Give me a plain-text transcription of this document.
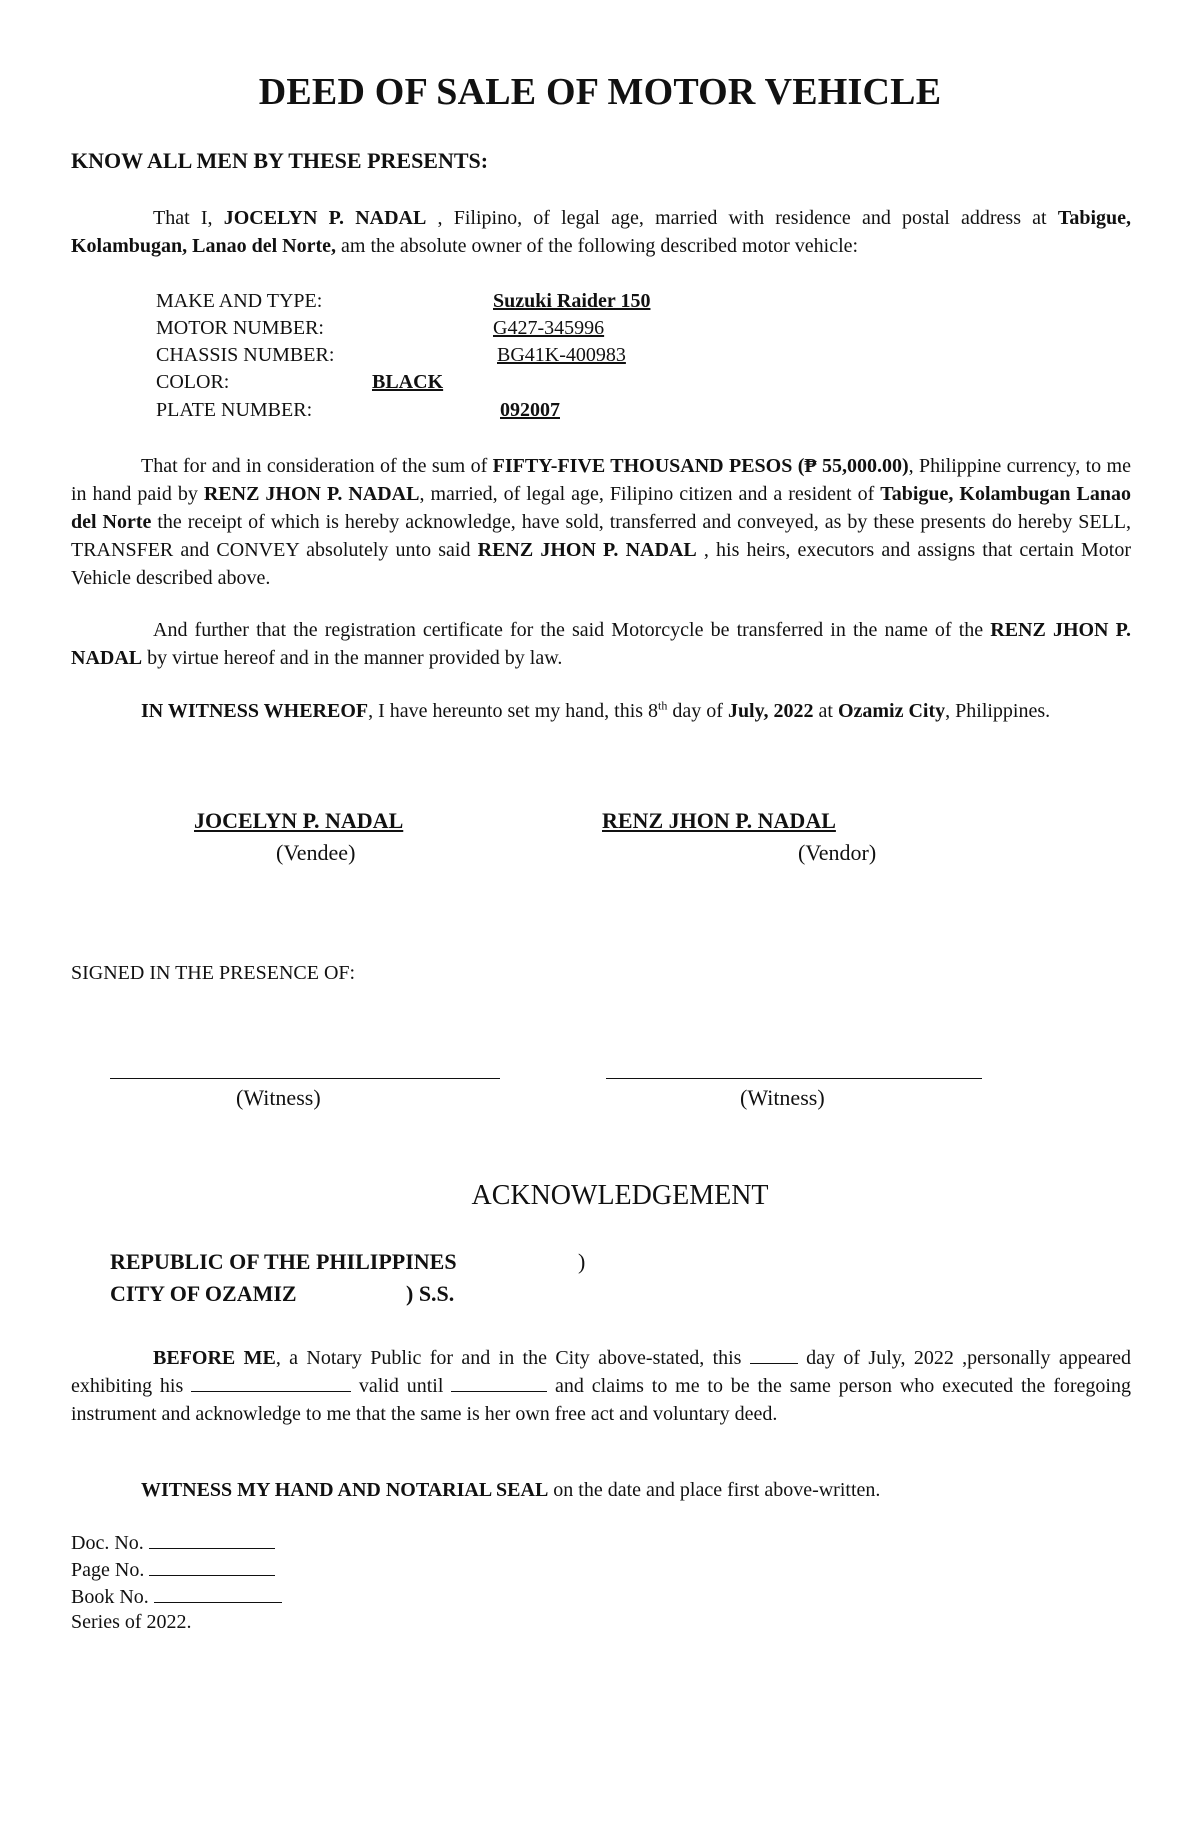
DEED OF SALE OF MOTOR VEHICLE
KNOW ALL MEN BY THESE PRESENTS:
That I, JOCELYN P. NADAL , Filipino, of legal age, married with residence and postal address at Tabigue, Kolambugan, Lanao del Norte, am the absolute owner of the following described motor vehicle:
MAKE AND TYPE:	Suzuki Raider 150
MOTOR NUMBER:	G427-345996
CHASSIS NUMBER:	BG41K-400983
COLOR:	BLACK
PLATE NUMBER:	092007
That for and in consideration of the sum of FIFTY-FIVE THOUSAND PESOS (₱ 55,000.00), Philippine currency, to me in hand paid by RENZ JHON P. NADAL, married, of legal age, Filipino citizen and a resident of Tabigue, Kolambugan Lanao del Norte the receipt of which is hereby acknowledge, have sold, transferred and conveyed, as by these presents do hereby SELL, TRANSFER and CONVEY absolutely unto said RENZ JHON P. NADAL , his heirs, executors and assigns that certain Motor Vehicle described above.
And further that the registration certificate for the said Motorcycle be transferred in the name of the RENZ JHON P. NADAL by virtue hereof and in the manner provided by law.
IN WITNESS WHEREOF, I have hereunto set my hand, this 8th day of July, 2022 at Ozamiz City, Philippines.
JOCELYN P. NADAL
(Vendee)
RENZ JHON P. NADAL
(Vendor)
SIGNED IN THE PRESENCE OF:
(Witness)	(Witness)
ACKNOWLEDGEMENT
REPUBLIC OF THE PHILIPPINES	)
CITY OF OZAMIZ	) S.S.
BEFORE ME, a Notary Public for and in the City above-stated, this  day of July, 2022 ,personally appeared exhibiting his	valid until	and claims to me to be the same person who executed the foregoing instrument and acknowledge to me that the same is her own free act and voluntary deed.
WITNESS MY HAND AND NOTARIAL SEAL on the date and place first above-written.
Doc. No.
Page No.
Book No.
Series of 2022.
